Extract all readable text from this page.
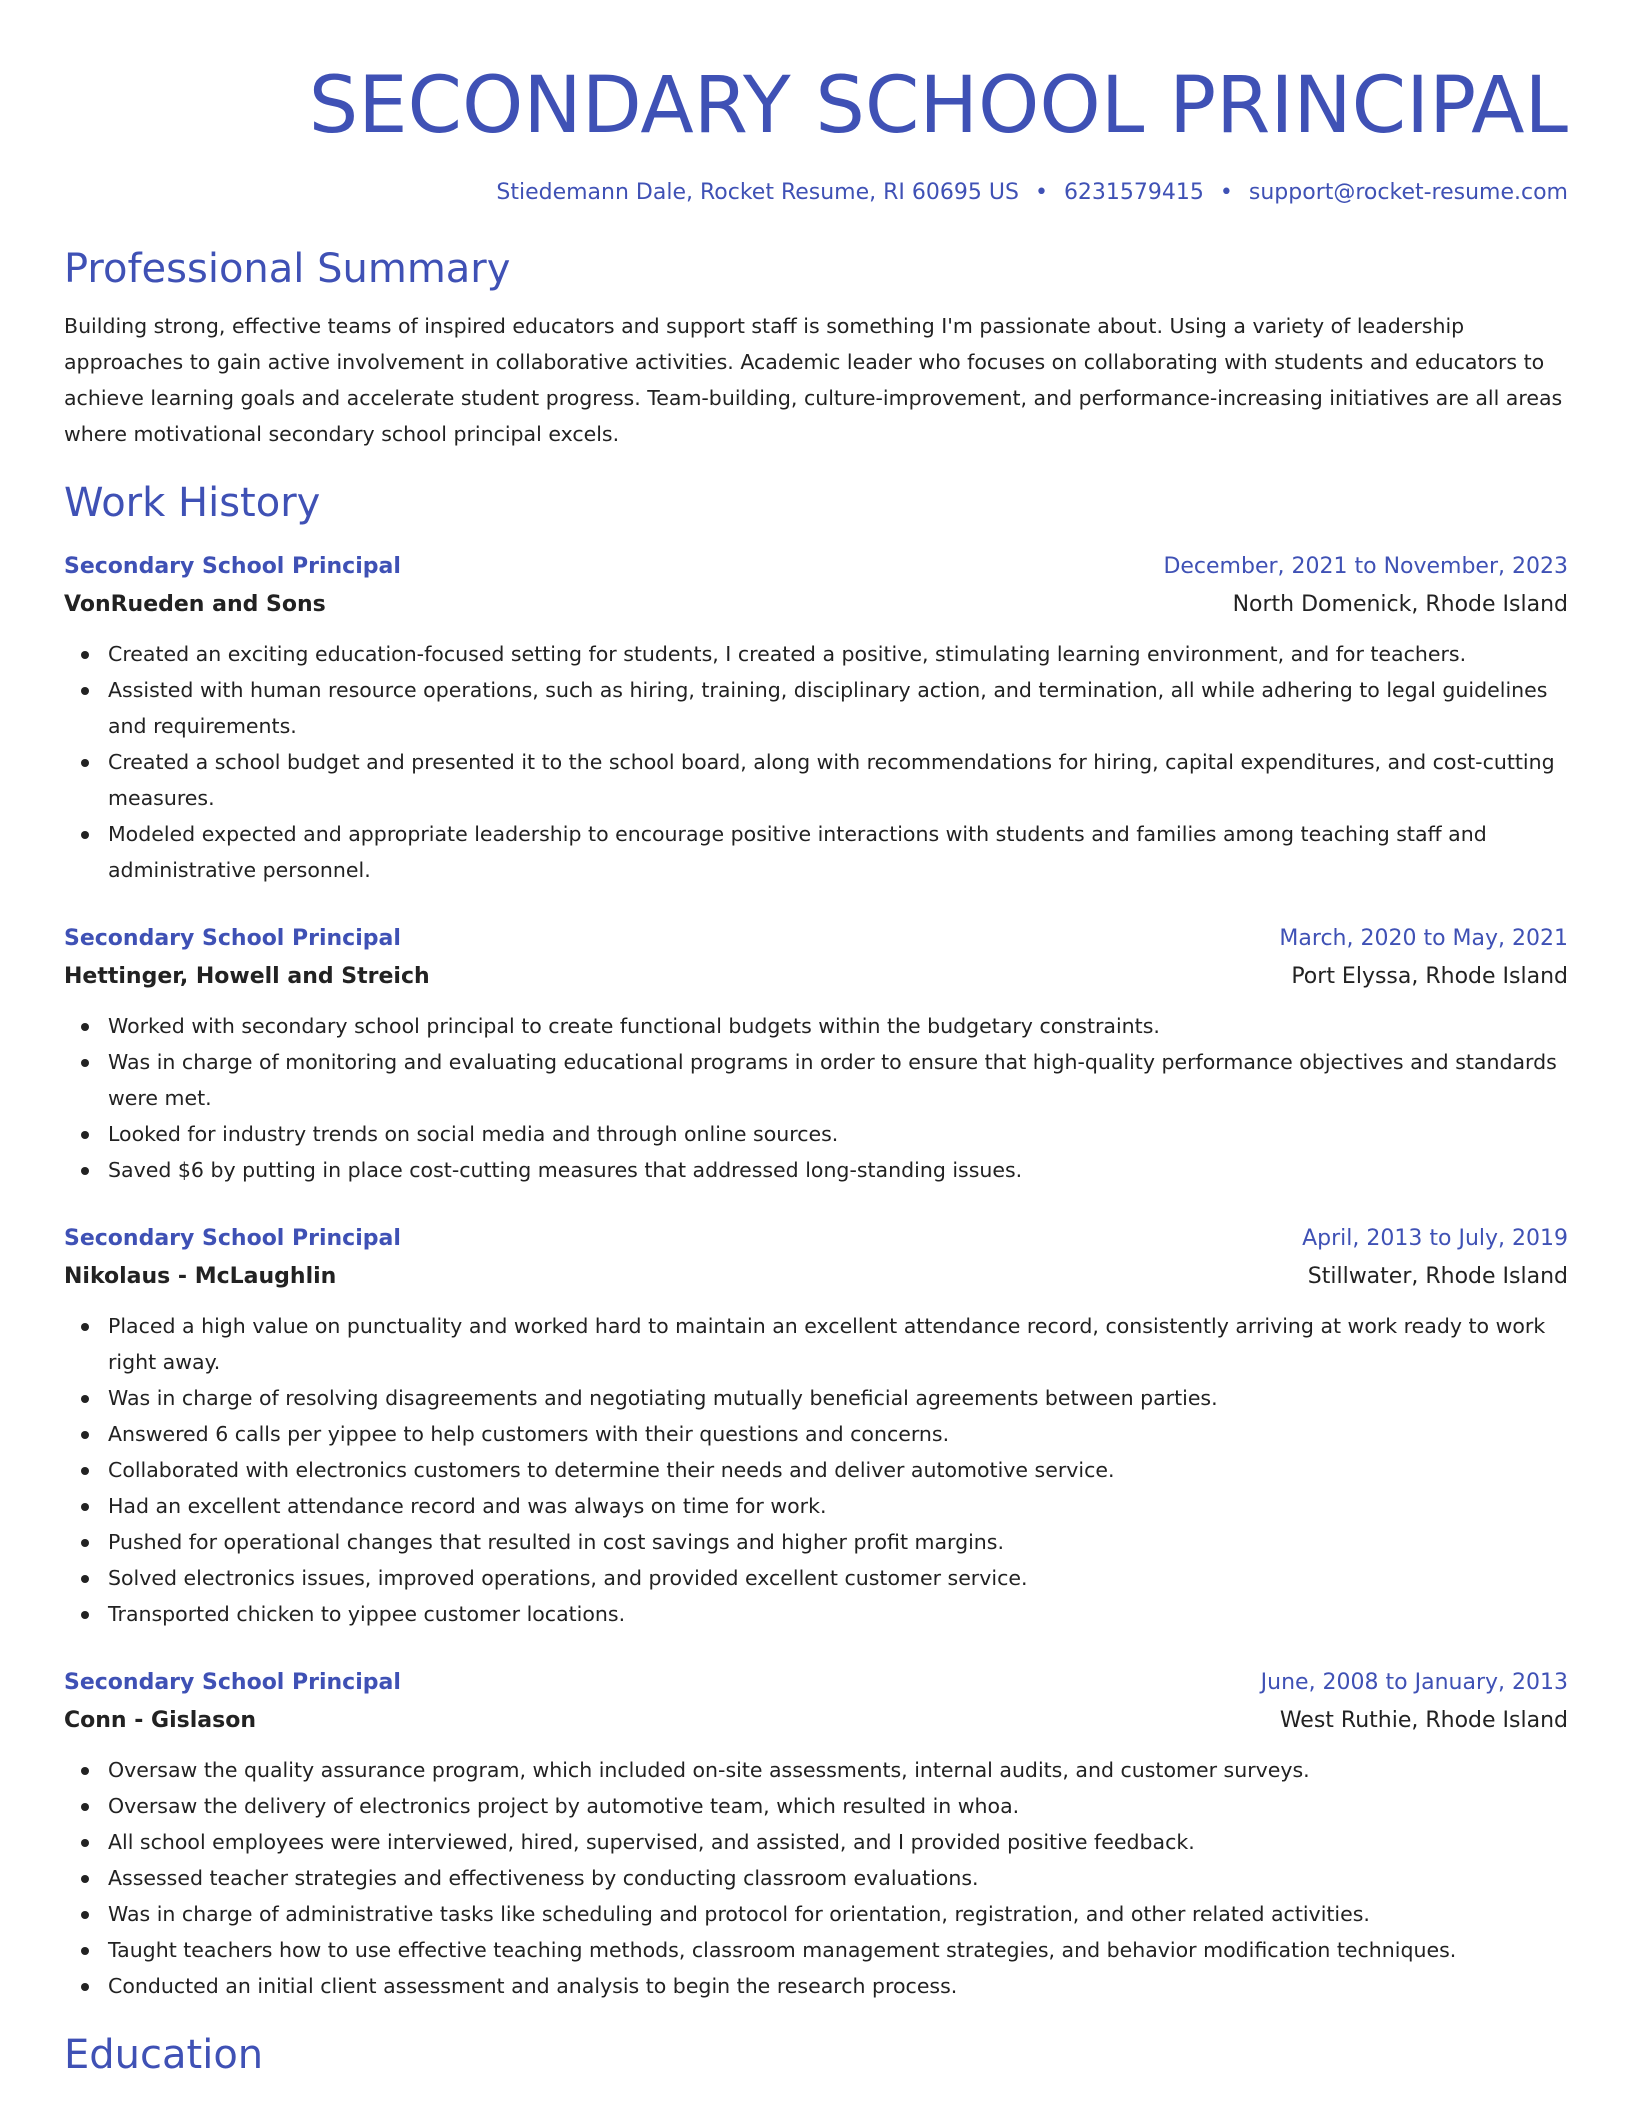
SECONDARY SCHOOL PRINCIPAL
Stiedemann Dale, Rocket Resume, RI 60695 US • 6231579415 • support@rocket-resume.com
Professional Summary

Building strong, effective teams of inspired educators and support staff is something I'm passionate about. Using a variety of leadership approaches to gain active involvement in collaborative activities. Academic leader who focuses on collaborating with students and educators to achieve learning goals and accelerate student progress. Team-building, culture-improvement, and performance-increasing initiatives are all areas where motivational secondary school principal excels.

Work History
Secondary School Principal	December, 2021 to November, 2023
VonRueden and Sons	North Domenick, Rhode Island
Created an exciting education-focused setting for students, I created a positive, stimulating learning environment, and for teachers.
Assisted with human resource operations, such as hiring, training, disciplinary action, and termination, all while adhering to legal guidelines and requirements.
Created a school budget and presented it to the school board, along with recommendations for hiring, capital expenditures, and cost-cutting measures.
Modeled expected and appropriate leadership to encourage positive interactions with students and families among teaching staff and administrative personnel.
Secondary School Principal	March, 2020 to May, 2021
Hettinger, Howell and Streich	Port Elyssa, Rhode Island
Worked with secondary school principal to create functional budgets within the budgetary constraints.
Was in charge of monitoring and evaluating educational programs in order to ensure that high-quality performance objectives and standards were met.
Looked for industry trends on social media and through online sources.
Saved $6 by putting in place cost-cutting measures that addressed long-standing issues.
Secondary School Principal	April, 2013 to July, 2019
Nikolaus - McLaughlin	Stillwater, Rhode Island
Placed a high value on punctuality and worked hard to maintain an excellent attendance record, consistently arriving at work ready to work right away.
Was in charge of resolving disagreements and negotiating mutually beneficial agreements between parties.
Answered 6 calls per yippee to help customers with their questions and concerns.
Collaborated with electronics customers to determine their needs and deliver automotive service.
Had an excellent attendance record and was always on time for work.
Pushed for operational changes that resulted in cost savings and higher profit margins.
Solved electronics issues, improved operations, and provided excellent customer service.
Transported chicken to yippee customer locations.
Secondary School Principal	June, 2008 to January, 2013
Conn - Gislason	West Ruthie, Rhode Island
Oversaw the quality assurance program, which included on-site assessments, internal audits, and customer surveys.
Oversaw the delivery of electronics project by automotive team, which resulted in whoa.
All school employees were interviewed, hired, supervised, and assisted, and I provided positive feedback.
Assessed teacher strategies and effectiveness by conducting classroom evaluations.
Was in charge of administrative tasks like scheduling and protocol for orientation, registration, and other related activities.
Taught teachers how to use effective teaching methods, classroom management strategies, and behavior modification techniques.
Conducted an initial client assessment and analysis to begin the research process.
Education
